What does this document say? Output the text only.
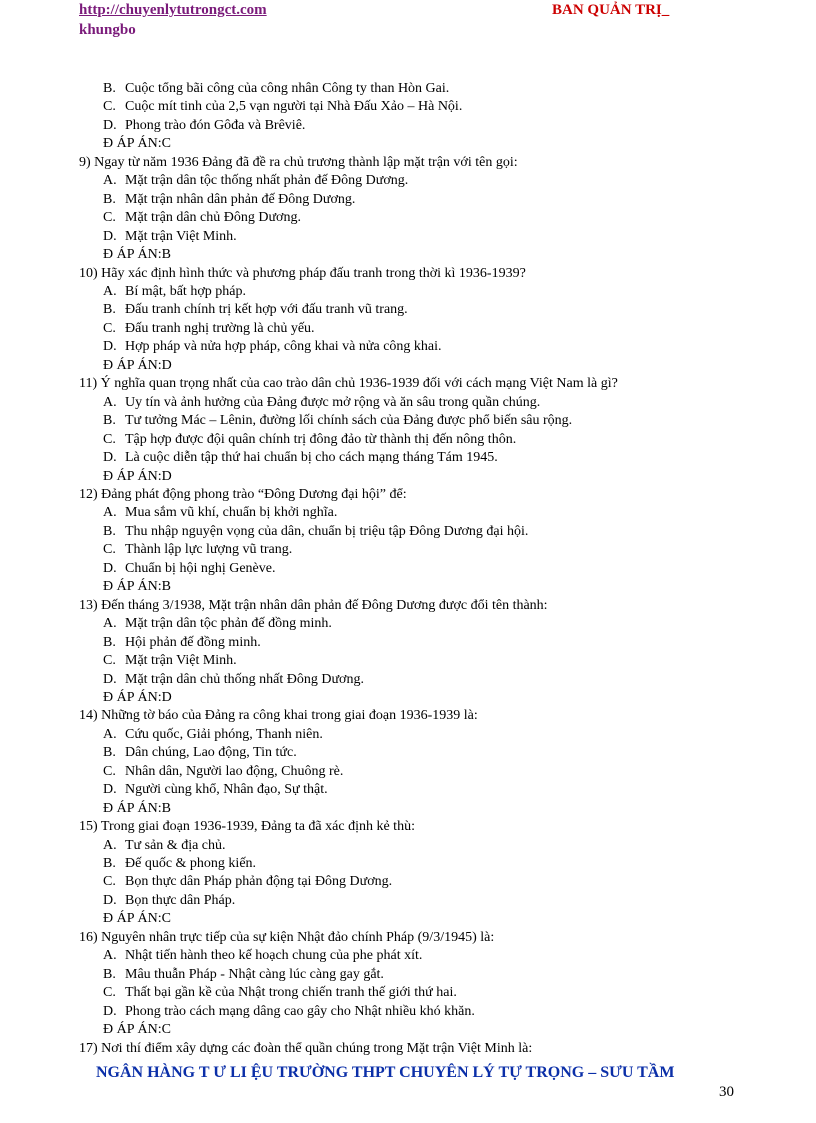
http://chuyenlytutrongct.com	BAN QUẢN TRỊ_
khungbo
B. Cuộc tổng bãi công của công nhân Công ty than Hòn Gai.
C. Cuộc mít tinh của 2,5 vạn người tại Nhà Đấu Xảo – Hà Nội.
D. Phong trào đón Gôđa và Brêviê.
Đ ÁP ÁN:C
9) Ngay từ năm 1936 Đảng đã đề ra chủ trương thành lập mặt trận với tên gọi:
A. Mặt trận dân tộc thống nhất phản đế Đông Dương.
B. Mặt trận nhân dân phản đế Đông Dương.
C. Mặt trận dân chủ Đông Dương.
D. Mặt trận Việt Minh.
Đ ÁP ÁN:B
10) Hãy xác định hình thức và phương pháp đấu tranh trong thời kì 1936-1939?
A. Bí mật, bất hợp pháp.
B. Đấu tranh chính trị kết hợp với đấu tranh vũ trang.
C. Đấu tranh nghị trường là chủ yếu.
D. Hợp pháp và nửa hợp pháp, công khai và nửa công khai.
Đ ÁP ÁN:D
11) Ý nghĩa quan trọng nhất của cao trào dân chủ 1936-1939 đối với cách mạng Việt Nam là gì?
A. Uy tín và ảnh hưởng của Đảng được mở rộng và ăn sâu trong quần chúng.
B. Tư tưởng Mác – Lênin, đường lối chính sách của Đảng được phổ biến sâu rộng.
C. Tập hợp được đội quân chính trị đông đảo từ thành thị đến nông thôn.
D. Là cuộc diễn tập thứ hai chuẩn bị cho cách mạng tháng Tám 1945.
Đ ÁP ÁN:D
12) Đảng phát động phong trào “Đông Dương đại hội” để:
A. Mua sắm vũ khí, chuẩn bị khởi nghĩa.
B. Thu nhập nguyện vọng của dân, chuẩn bị triệu tập Đông Dương đại hội.
C. Thành lập lực lượng vũ trang.
D. Chuẩn bị hội nghị Genève.
Đ ÁP ÁN:B
13) Đến tháng 3/1938, Mặt trận nhân dân phản đế Đông Dương được đổi tên thành:
A. Mặt trận dân tộc phản đế đồng minh.
B. Hội phản đế đồng minh.
C. Mặt trận Việt Minh.
D. Mặt trận dân chủ thống nhất Đông Dương.
Đ ÁP ÁN:D
14) Những tờ báo của Đảng ra công khai trong giai đoạn 1936-1939 là:
A. Cứu quốc, Giải phóng, Thanh niên.
B. Dân chúng, Lao động, Tin tức.
C. Nhân dân, Người lao động, Chuông rè.
D. Người cùng khổ, Nhân đạo, Sự thật.
Đ ÁP ÁN:B
15) Trong giai đoạn 1936-1939, Đảng ta đã xác định kẻ thù:
A. Tư sản & địa chủ.
B. Đế quốc & phong kiến.
C. Bọn thực dân Pháp phản động tại Đông Dương.
D. Bọn thực dân Pháp.
Đ ÁP ÁN:C
16) Nguyên nhân trực tiếp của sự kiện Nhật đảo chính Pháp (9/3/1945) là:
A. Nhật tiến hành theo kế hoạch chung của phe phát xít.
B. Mâu thuẫn Pháp - Nhật càng lúc càng gay gắt.
C. Thất bại gần kề của Nhật trong chiến tranh thế giới thứ hai.
D. Phong trào cách mạng dâng cao gây cho Nhật nhiều khó khăn.
Đ ÁP ÁN:C
17) Nơi thí điểm xây dựng các đoàn thể quần chúng trong Mặt trận Việt Minh là:
NGÂN HÀNG T Ư LI ỆU TRƯỜNG THPT CHUYÊN LÝ TỰ TRỌNG – SƯU TẦM
30
